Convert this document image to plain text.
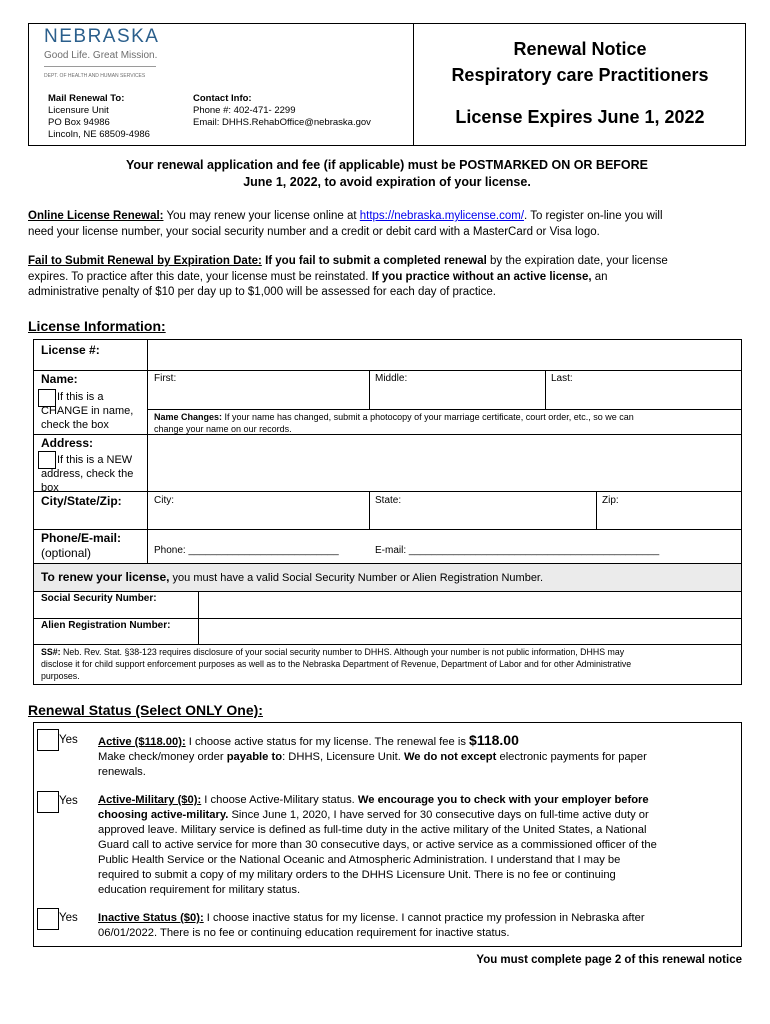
NEBRASKA
Good Life. Great Mission.
DEPT. OF HEALTH AND HUMAN SERVICES
Mail Renewal To:
Licensure Unit
PO Box 94986
Lincoln, NE 68509-4986
Contact Info:
Phone #: 402-471- 2299
Email: DHHS.RehabOffice@nebraska.gov
Renewal Notice
Respiratory care Practitioners
License Expires June 1, 2022
Your renewal application and fee (if applicable) must be POSTMARKED ON OR BEFORE
June 1, 2022, to avoid expiration of your license.
Online License Renewal: You may renew your license online at https://nebraska.mylicense.com/. To register on-line you will
need your license number, your social security number and a credit or debit card with a MasterCard or Visa logo.
Fail to Submit Renewal by Expiration Date: If you fail to submit a completed renewal by the expiration date, your license
expires. To practice after this date, your license must be reinstated. If you practice without an active license, an
administrative penalty of $10 per day up to $1,000 will be assessed for each day of practice.
License Information:
License #:
Name:
If this is a CHANGE in name, check the box
First:	Middle:	Last:
Name Changes: If your name has changed, submit a photocopy of your marriage certificate, court order, etc., so we can
change your name on our records.
Address:
If this is a NEW address, check the box
City/State/Zip:	City:	State:	Zip:
Phone/E-mail:
(optional)	Phone: ___________________________	E-mail: _____________________________________________
To renew your license, you must have a valid Social Security Number or Alien Registration Number.
Social Security Number:
Alien Registration Number:
SS#: Neb. Rev. Stat. §38-123 requires disclosure of your social security number to DHHS. Although your number is not public information, DHHS may
disclose it for child support enforcement purposes as well as to the Nebraska Department of Revenue, Department of Labor and for other Administrative
purposes.
Renewal Status (Select ONLY One):
Yes Active ($118.00): I choose active status for my license. The renewal fee is $118.00
Make check/money order payable to: DHHS, Licensure Unit. We do not except electronic payments for paper
renewals.
Yes Active-Military ($0): I choose Active-Military status. We encourage you to check with your employer before
choosing active-military. Since June 1, 2020, I have served for 30 consecutive days on full-time active duty or
approved leave. Military service is defined as full-time duty in the active military of the United States, a National
Guard call to active service for more than 30 consecutive days, or active service as a commissioned officer of the
Public Health Service or the National Oceanic and Atmospheric Administration. I understand that I may be
required to submit a copy of my military orders to the DHHS Licensure Unit. There is no fee or continuing
education requirement for military status.
Yes Inactive Status ($0): I choose inactive status for my license. I cannot practice my profession in Nebraska after
06/01/2022. There is no fee or continuing education requirement for inactive status.
You must complete page 2 of this renewal notice
